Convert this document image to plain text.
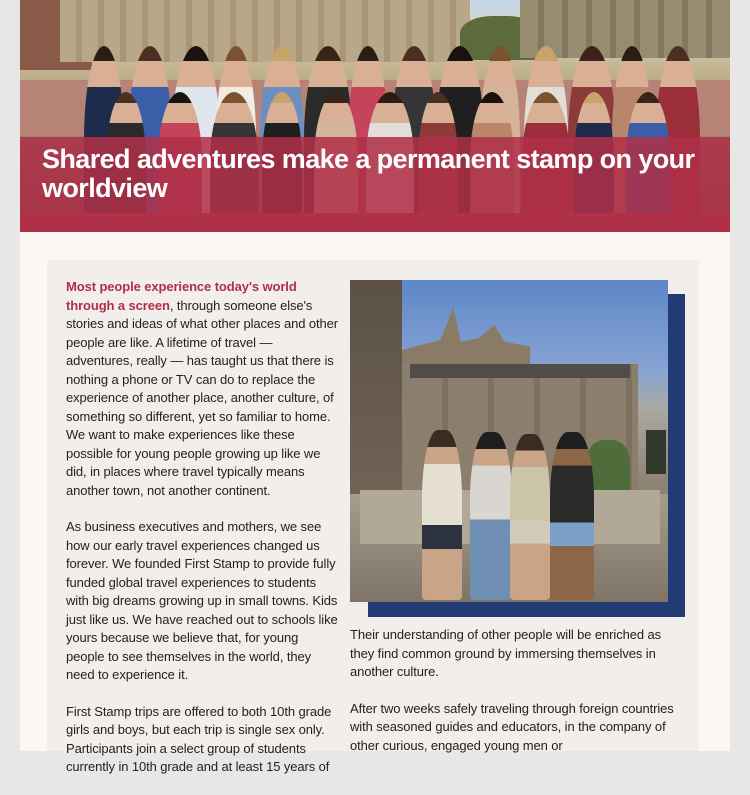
Shared adventures make a permanent stamp on your worldview

Most people experience today's world through a screen, through someone else's stories and ideas of what other places and other people are like. A lifetime of travel — adventures, really — has taught us that there is nothing a phone or TV can do to replace the experience of another place, another culture, of something so different, yet so familiar to home. We want to make experiences like these possible for young people growing up like we did, in places where travel typically means another town, not another continent.

As business executives and mothers, we see how our early travel experiences changed us forever. We founded First Stamp to provide fully funded global travel experiences to students with big dreams growing up in small towns. Kids just like us. We have reached out to schools like yours because we believe that, for young people to see themselves in the world, they need to experience it.

First Stamp trips are offered to both 10th grade girls and boys, but each trip is single sex only. Participants join a select group of students currently in 10th grade and at least 15 years of

Their understanding of other people will be enriched as they find common ground by immersing themselves in another culture.

After two weeks safely traveling through foreign countries with seasoned guides and educators, in the company of other curious, engaged young men or
